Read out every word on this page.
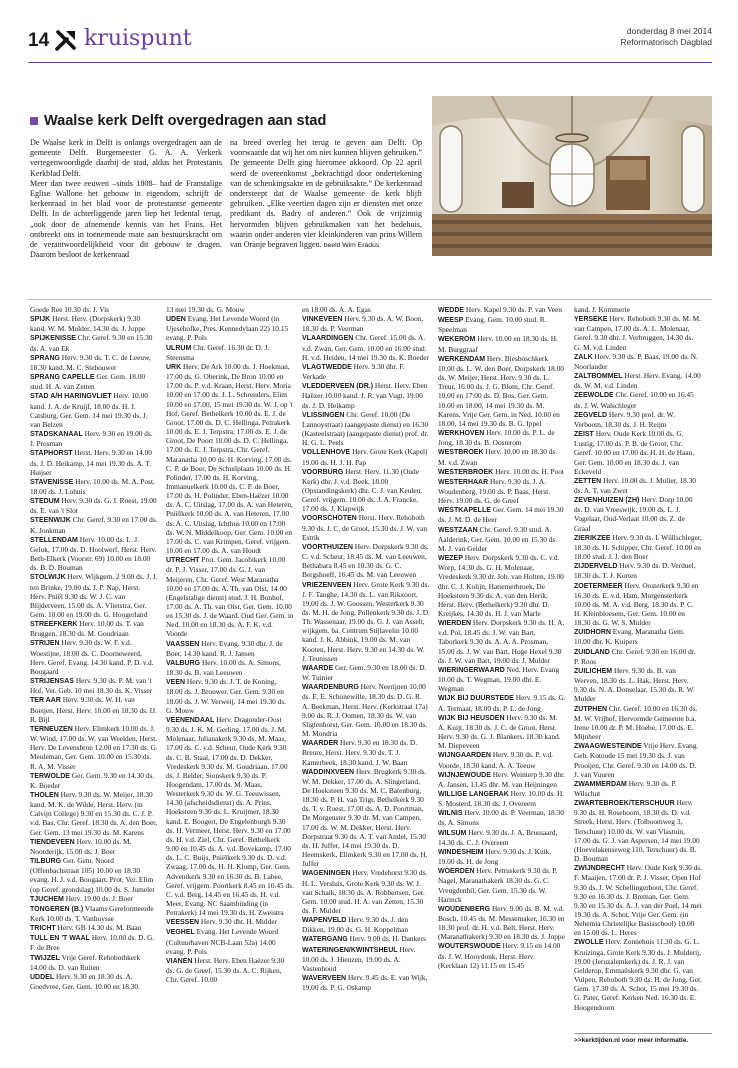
14 kruispunt	donderdag 8 mei 2014
Reformatorisch Dagblad
Waalse kerk Delft overgedragen aan stad
De Waalse kerk in Delft is onlangs overgedragen aan de gemeente Delft. Burgemeester G. A. A. Verkerk vertegenwoordigde daarbij de stad, aldus het Protestants Kerkblad Delft.
Meer dan twee eeuwen –sinds 1808– had de Franstalige Eglise Wallone het gebouw in eigendom, schrijft de kerkenraad in het blad voor de protestantse gemeente Delft. In de achterliggende jaren liep het ledental terug, „ook door de afnemende kennis van het Frans. Het ontbreekt ons in toenemende mate aan bestuurskracht om de verantwoordelijkheid voor dit gebouw te dragen. Daarom besloot de kerkenraad
na breed overleg het terug te geven aan Delft. Op voorwaarde dat wij het om niet kunnen blijven gebruiken.” De gemeente Delft ging hieromee akkoord. Op 22 april werd de overeenkomst „bekrachtigd door ondertekening van de schenkingsakte en de gebruiksakte.” De kerkenraad ondersteept dat de Waalse gemeente de kerk blijft gebruiken. „Elke veertien dagen zijn er diensten met onze predikant ds. Badry of anderen.” Ook de vrijzinnig hervormden blijven gebruikmaken van het bedehuis, waarin onder anderen vier kleinkinderen van prins Willem van Oranje begraven liggen. beeld Wim Eradus
Goede Ree 10.30 ds. J. Vis
SPIJK Herst. Herv. (Dorpskerk) 9.30 kand. W. M. Mulder, 14.30 ds. J. Joppe
SPIJKENISSE Chr. Geref. 9.30 en 15.30 ds. A. van Ek
SPRANG Herv. 9.30 ds. T. C. de Leeuw, 18.30 kand. M. C. Stehouwer
SPRANG CAPELLE Ger. Gem. 18.00 stud. H. A. van Zetten
STAD A/H HARINGVLIET Herv. 10.00 kand. J. A. de Kruijf, 18.00 ds. H. J. Catsburg, Ger. Gem. 14 mei 19.30 ds. J. van Belzen
STADSKANAAL Herv. 9.30 en 19.00 ds. J. Prosman
STAPHORST Herst. Herv. 9.30 en 14.00 ds. J. D. Heikamp, 14 mei 19.30 ds. A. T. Huijser
STAVENISSE Herv. 10.00 ds. M. A. Post, 18.00 ds. J. Lohuis
STEDUM Herv. 9.30 ds. G. J. Roest, 19.00 ds. E. van 't Slot
STEENWIJK Chr. Geref. 9.30 en 17.00 ds. K. Jonkman
STELLENDAM Herv. 10.00 ds. L. J. Geluk, 17.00 ds. D. Hoolwerf, Herst. Herv. Beth-Elkerk (Voorstr. 69) 10.00 en 18.00 ds. B. D. Bouman
STOLWIJK Herv. Wijkgem. 2 9.00 ds. J. J. ten Brinke, 19.00 ds. J. P. Nap, Herst. Herv. Pniël 9.30 ds. W. J. C. van Blijderveen, 15.00 ds. A. Vlietstra, Ger. Gem. 10.00 en 19.00 ds. G. Hoogerland
STREEFKERK Herv. 10.00 ds. T. van Bruggen, 18.30 ds. M. Goudriaan
STRIJEN Herv. 9.30 ds. W. F. v.d. Woestijne, 18.00 ds. C. Doorneweerd, Herv. Geref. Evang. 14.30 kand. P. D. v.d. Boogaard
STRIJENSAS Herv. 9.30 ds. P. M. van 't Hof, Ver. Geb. 10 mei 18.30 ds. K. Visser
TER AAR Herv. 9.30 ds. W. H. van Boeijen, Herst. Herv. 10.00 en 18.30 ds. IJ. R. Bijl
TERNEUZEN Herv. Elimkerk 10.00 ds. J. W. Wind, 17.00 ds. W. van Weelden, Herst. Herv. De Levensbron 12.00 en 17.30 ds. G. Meuleman, Ger. Gem. 10.00 en 15.30 ds. R. A. M. Visser
TERWOLDE Ger. Gem. 9.30 en 14.30 ds. K. Boeder
THOLEN Herv. 9.30 ds. W. Meijer, 18.30 kand. M. K. de Wilde, Herst. Herv. (in Calvijn College) 9.30 en 15.30 ds. C. J. P. v.d. Bas, Chr. Geref. 18.30 ds. A. den Boer, Ger. Gem. 13 mei 19.30 ds. M. Karens
TIENDEVEEN Herv. 10.00 ds. M. Noorderijk, 15.00 ds. J. Boer
TILBURG Ger. Gem. Noord (Offenbachstraat 105) 10.00 en 18.30 evang. H. J. v.d. Boogaart, Prot. Ver. Elim (op Geref. grondslag) 10.00 ds. S. Jumelet
TJUCHEM Herv. 19.00 ds. J. Boer
TONGEREN (B.) Vlaams Gereformeerde Kerk 10.00 ds. T. Vanhuysse
TRICHT Herv. GB 14.30 ds. M. Baan
TULL EN 'T WAAL Herv. 10.00 ds. D. G. F. de Bree
TWIJZEL Vrije Geref. Rehobothkerk 14.00 ds. D. van Ruiten
UDDEL Herv. 9.30 en 18.30 ds. A. Goedvree, Ger. Gem. 10.00 en 18.30.
13 mei 19.30 ds. G. Mouw
UDEN Evang. Het Levende Woord (in Ujesehofke, Pres. Kennedylaan 22) 10.15 evang. P. Pols
ULRUM Chr. Geref. 16.30 dr. D. J. Steensma
URK Herv. De Ark 10.00 ds. J. Hoekman, 17.00 ds. G. Oberink, De Bron 10.00 en 17.00 ds. P. v.d. Kraan, Herst. Herv. Moria 10.00 en 17.00 ds. J. L. Schreuders, Elim 10.00 en 17.00, 15 mei 19.30 ds. W. J. op 't Hof, Geref. Bethelkerk 10.00 ds. E. J. de Groot, 17.00 ds. D. C. Hellinga, Petrakerk 10.00 ds. E. J. Terpstra, 17.00 ds. E. J. de Groot, De Poort 10.00 ds. D. C. Hellinga, 17.00 ds. E. J. Terpstra, Chr. Geref. Maranatha 10.00 ds. H. Korving, 17.00 ds. C. P. de Boer, De Schuilplaats 10.00 ds. H. Polinder, 17.00 ds. H. Korving, Immanuelkerk 10.00 ds. C. P. de Boer, 17.00 ds. H. Polinder, Eben-Haëzer 10.00 ds. A. C. Uitslag, 17.00 ds. A. van Heteren, Pniëlkerk 10.00 ds. A. van Heteren, 17.00 ds. A. C. Uitslag, Ichthus 10.00 en 17.00 ds. W. N. Middelkoop, Ger. Gem. 10.00 en 17.00 ds. C. van Krimpen, Geref. vrijgem. 10.00 en 17.00 ds. A. van Houdt
UTRECHT Prot. Gem. Jacobikerk 10.00 dr. P. J. Visser, 17.00 ds. G. J. van Meijeren, Chr. Geref. West Maranatha 10.00 en 17.00 ds. A. Th. van Olst, 14.00 (Engelstalige dienst) stud. J. H. Bonhof, 17.00 ds. A. Th. van Olst, Ger. Gem. 10.00 en 15.30 ds. J. de Waard, Oud Ger. Gem. in Ned. 10.00 en 18.30 ds. A. F. K. v.d. Voorde
VAASSEN Herv. Evang. 9.30 dhr. J. de Boer, 14.30 kand. R. J. Jansen
VALBURG Herv. 10.00 ds. A. Simons, 18.30 ds. B. van Leeuwen
VEEN Herv. 9.30 ds. J. T. de Koning, 18.00 ds. J. Brouwer. Ger. Gem. 9.30 en 18.00 ds. J. W. Verweij, 14 mei 19.30 ds. G. Mouw
VEENENDAAL Herv. Dragonder-Oost 9.30 ds. J. K. M. Gerling, 17.00 ds. J. M. Molenaar, Julianakerk 9.30 ds. M. Maas, 17.00 ds. C. v.d. Scheur, Oude Kerk 9.30 ds. C. B. Staal, 17.00 ds. D. Dekker, Vredeskerk 9.30 ds. M. Goudriaan, 17.00 ds. J. Belder, Sionskerk 9.30 ds. P. Hoogendam, 17.00 ds. M. Maas, Westerkerk 9.30 ds. W. G. Teeuwissen, 14.30 (afscheidsdienst) ds. A. Prins, Hoeksteen 9.30 ds. L. Kruijmer, 18.30 kand. E. Boogert, De Engelenburgh 9.30 ds. H. Vermeer, Herst. Herv. 9.30 en 17.00 ds. H. v.d. Ziel, Chr. Geref. Bethelkerk 9.00 en 10.45 ds. A. v.d. Bovekamp, 17.00 ds. L. C. Buijs, Pniëlkerk 9.30 ds. D. v.d. Zwaag, 17.00 ds. H. H. Klomp, Ger. Gem. Adventkerk 9.30 en 16.30 ds. B. Labee, Geref. vrijgem. Poortkerk 8.45 en 10.45 ds. C. v.d. Berg, 14.45 en 16.45 ds. H. v.d. Meer, Evang. NC Saambinding (in Petrakerk) 14 mei 19.30 ds. H. Zweistra
VEESSEN Herv. 9.30 dhr. H. Mulder
VEGHEL Evang. Het Levende Woord (Cultuurhaven NCB-Laan 52a) 14.00 evang. P. Pols
VIANEN Herst. Herv. Eben Haëzer 9.30 ds. G. de Greef, 15.30 ds. A. C. Rijken, Chr. Geref. 10.00
en 18.00 ds. A. A. Egas
VINKEVEEN Herv. 9.30 ds. A. W. Boon, 18.30 ds. P. Veerman
VLAARDINGEN Chr. Geref. 15.00 ds. A. v.d. Zwan, Ger. Gem. 10.00 en 16.00 stud. H. v.d. Heiden, 14 mei 19.30 ds. K. Boeder
VLAGTWEDDE Herv. 9.30 dhr. F. Verkade
VLEDDERVEEN (DR.) Herst. Herv. Eben Haëzer 10.00 kand. J. R. van Vugt, 19.00 ds. J. D. Heikamp
VLISSINGEN Chr. Geref. 10.00 (De Lannoystraat) (aangepaste dienst) en 16.30 (Kasteelstraat) (aangepaste dienst) prof. dr. H. G. L. Peels
VOLLENHOVE Herv. Grote Kerk (Kapel) 19.00 ds. H. J. H. Pap
VOORBURG Herst. Herv. 11.30 (Oude Kerk) dhr. J. v.d. Beek, 18.00 (Opstandingskerk) dhr. C. J. van Keulen, Geref. vrijgem. 10.00 ds. J. A. Francke, 17.00 ds. J. Klapwijk
VOORSCHOTEN Herst. Herv. Rehoboth 9.30 ds. J. C. de Groot, 15.30 ds. J. W. van Estrik
VOORTHUIZEN Herv. Dorpskerk 9.30 ds. C. v.d. Scheur, 18.45 ds. M. van Leeuwen, Bethabara 8.45 en 10.30 ds. G. C. Bergshoeff, 16.45 ds. M. van Leeuwen
VRIEZENVEEN Herv. Grote Kerk 9.30 ds. J. F. Tanghe, 14.30 ds. L. van Rikxoort, 19.00 ds. J. W. Goossen, Westerkerk 9.30 ds. M. H. de Jong, Pollenkerk 9.30 ds. J. D. Th. Wassenaar, 19.00 ds. G. J. van Asselt, wijkgem. ba. Centrum Stijlavelin 10.00 kand. J. K. Abbink, 19.00 ds. M. van Kooten, Herst. Herv. 9.30 en 14.30 ds. W. J. Teunissen
WAARDE Ger. Gem. 9.30 en 18.00 ds. D. W. Tuinier
WAARDENBURG Herv. Neerijnen 10.00 ds. E. E. Schonewille, 18.30 ds. D. G. R. A. Beekman, Herst. Herv. (Kerkstraat 17a) 9.00 ds. R. J. Oomen, 18.30 ds. W. van Sligtenhorst, Ger. Gem. 10.00 en 18.30 ds. M. Mondria
WAARDER Herv. 9.30 en 18.30 ds. D. Breure, Herst. Herv. 9.30 ds. T. J. Kamerbeek, 18.30 kand. J. W. Baan
WADDINXVEEN Herv. Brugkerk 9.30 ds. W. M. Dekker, 17.00 ds. A. Slingerland, De Hoeksteen 9.30 ds. M. C. Batenburg, 18.30 ds. P. H. van Trigt, Bethelkerk 9.30 ds. T. v. Roest, 17.00 ds. A. D. Poortman, De Morgenster 9.30 dr. M. van Campen, 17.00 ds. W. M. Dekker, Herst. Herv. Dorpstraat 9.30 ds. A. T. van Andel, 15.30 ds. H. Juffer, 14 mei 19.30 ds. D. Heemskerk, Elimkerk 9.30 en 17.00 ds. H. Juffer
WAGENINGEN Herv. Vredehorst 9.30 ds. H. L. Versluis, Grote Kerk 9.30 ds. W. J. van Schaik, 18.30 ds. A. Robbertsen, Ger. Gem. 10.00 stud. H. A. van Zetten, 15.30 ds. F. Mulder
WAPENVELD Herv. 9.30 ds. J. den Dikken, 19.00 ds. G. H. Koppelman
WATERGANG Herv. 9.00 ds. H. Dankers
WATERINGEN/KWINTSHEUL Herv. 10.00 ds. J. Hienzen, 19.00 ds. A. Vastenhoud
WAVERVEEN Herv. 9.45 ds. E. van Wijk, 19.00 ds. P. G. Oskamp
WEDDE Herv. Kapel 9.30 ds. P. van Veen
WEESP Evang. Gem. 10.00 stud. R. Speelman
WEKEROM Herv. 10.00 en 18.30 ds. H. M. Burggraaf
WERKENDAM Herv. Biesboschkerk 10.00 ds. L. W. den Boer, Dorpskerk 18.00 ds. W. Meijer, Herst. Herv. 9.30 ds. L. Treur, 16.00 ds. J. G. Blom, Chr. Geref. 10.00 en 17.00 ds. D. Bos, Ger. Gem. 10.00 en 18.00, 14 mei 19.30 ds. M. Karens, Vrije Ger. Gem. in Ned. 10.00 en 18.00, 14 mei 19.30 ds. B. G. Ippel
WERKHOVEN Herv. 10.00 ds. P. L. de Jong, 18.30 ds. B. Oosterom
WESTBROEK Herv. 10.00 en 18.30 ds. M. v.d. Zwan
WESTERBROEK Herv. 10.00 ds. H. Poot
WESTERHAAR Herv. 9.30 ds. J. A. Woudenberg, 19.00 ds. P. Baas, Herst. Herv. 19.00 ds. G. de Greef
WESTKAPELLE Ger. Gem. 14 mei 19.30 ds. J. M. D. de Heer
WESTZAAN Chr. Geref. 9.30 stud. A. Aalderink, Ger. Gem. 10.00 en 15.30 ds. M. J. van Gelder
WEZEP Herv. Dorpskerk 9.30 ds. C. v.d. Worp, 14.30 ds. G. H. Molenaar, Vredeskerk 9.30 dr. Joh. van Holten, 19.00 dhr. C. J. Kolijn, Hattemerbroek, De Hoeksteen 9.30 ds. A. van den Herik, Herst. Herv. (Bethelkerk) 9.30 dhr. D. Kreijkes, 14.30 ds. H. J. van Marle
WIERDEN Herv. Dorpskerk 9.30 ds. H. A. v.d. Pol, 18.45 ds. J. W. van Bart, Taborkerk 9.30 ds. A. A. A. Prosman, 15.00 ds. J. W. van Bart, Hoge Hexel 9.30 ds. J. W. van Bart, 19.00 ds. J. Mulder
WIERINGERWAARD Ned. Herv. Evang 10.00 ds. T. Wegman, 19.00 dhr. E. Wegman
WIJK BIJ DUURSTEDE Herv. 9.15 ds. G. A. Termaat, 18.00 ds. P. L. de Jong
WIJK BIJ HEUSDEN Herv. 9.30 ds. M. A. Kuijt, 18.30 ds. J. C. de Groot, Herst. Herv. 9.30 ds. G. J. Blankers, 18.30 kand. M. Diepeveen
WIJNGAARDEN Herv. 9.30 ds. P. v.d. Voorde, 18.30 kand. A. A. Teeuw
WIJNJEWOUDE Herv. Weinterp 9.30 dhr. A. Jansen, 13.45 dhr. M. van Heijningen
WILLIGE LANGERAK Herv. 10.00 ds. H. S. Mosterd, 18.30 ds. J. Overeem
WILNIS Herv. 10.00 ds. P. Veerman, 18.30 ds. A. Simons
WILSUM Herv. 9.30 ds. J. A. Brussaard, 14.30 ds. C. J. Overeem
WINDESHEIM Herv. 9.30 ds. J. Kuik, 19.00 ds. H. de Jong
WOERDEN Herv. Petruskerk 9.30 ds. P. Nagel, Maranathakerk 18.30 ds. G. C. Vreugdenhil, Ger. Gem. 15.30 ds. W. Harinck
WOUDENBERG Herv. 9.00 ds. B. M. v.d. Bosch, 10.45 ds. M. Messemaker, 16.30 en 18.30 prof. dr. H. v.d. Belt, Herst. Herv. (Maranathakerk) 9.30 en 18.30 ds. J. Joppe
WOUTERSWOUDE Herv. 9.15 en 14.00 ds. J. W. Hooydonk, Herst. Herv. (Kerklaan 12) 11.15 en 15.45
kand. J. Kommerie
YERSEKE Herv. Rehoboth 9.30 ds. M. M. van Campen, 17.00 ds. A. L. Molenaar, Geref. 9.30 dhr. J. Verbruggen, 14.30 ds. G. M. v.d. Linden
ZALK Herv. 9.30 ds. P. Baas, 19.00 ds. N. Noorlander
ZALTBOMMEL Herst. Herv. Evang. 14.00 ds. W. M. v.d. Linden
ZEEWOLDE Chr. Geref. 10.00 en 16.45 ds. J. W. Walschleger
ZEGVELD Herv. 9.30 prof. dr. W. Verboom, 18.30 ds. J. H. Reijm
ZEIST Herv. Oude Kerk 10.00 ds. G. Lustig, 17.00 ds. P. B. de Groot, Chr. Geref. 10.00 en 17.00 ds. H. H. de Haan, Ger. Gem. 10.00 en 18.30 ds. J. van Eckeveld
ZETTEN Herv. 10.00 ds. J. Muller, 18.30 ds. A. T. van Zwet
ZEVENHUIZEN (ZH) Herv. Dorp 10.00 ds. D. van Vreeswijk, 19.00 ds. L. J. Vogelaar, Oud-Verlaat 10.00 ds. Z. de Graaf
ZIERIKZEE Herv. 9.30 ds. I. Wüllschleger, 18.30 ds. H. Schipper, Chr. Geref. 10.00 en 18.00 stud. J. J. den Boer
ZIJDERVELD Herv. 9.30 ds. D. Verduel, 18.30 ds. T. J. Korten
ZOETERMEER Herv. Oosterkerk 9.30 en 16.30 ds. E. v.d. Ham, Morgensterkerk 10.00 ds. M. A. v.d. Berg, 18.30 ds. P. C. H. Kleinbloesem, Ger. Gem. 10.00 en 18.30 ds. G. W. S. Mulder
ZUIDHORN Evang. Maranatha Gem. 10.00 dhr. K. Kuipers
ZUIDLAND Chr. Geref. 9.30 en 16.00 dr. P. Roos
ZUILICHEM Herv. 9.30 ds. B. van Werven, 18.30 ds. L. Hak. Herst. Herv. 9.30 ds. N. A. Donselaar, 15.30 ds. R. W. Mulder
ZUTPHEN Chr. Geref. 10.00 en 16.30 ds. M. W. Vrijhof, Hervormde Gemeente b.a. Irene 10.00 dr. P. M. Hoebe, 17.00 ds. E. Mijnheer
ZWAAGWESTEINDE Vrije Herv. Evang. Geb. Kotoude 15 mei 19.30 ds. J. van Prooijen, Chr. Geref. 9.30 en 14.00 ds. D. J. van Vuuren
ZWAMMERDAM Herv. 9.30 ds. P. Wilschut
ZWARTEBROEK/TERSCHUUR Herv. 9.30 ds. H. Roseboom, 18.30 ds. D. v.d. Streek, Herst. Herv. (Tolboomweg 3, Terschuur) 10.00 ds. W. van Vlastuin, 17.00 ds. G. J. van Aspersen, 14 mei 19.00 (Hoevelakenseweg 110, Terschuur) ds. B. D. Bouman
ZWIJNDRECHT Herv. Oude Kerk 9.30 ds. F. Maaijen, 17.00 dr. P. J. Visser, Open Hof 9.30 ds. J. W. Schellingerhout, Chr. Geref. 9.30 en 16.30 ds. J. Breman, Ger. Gem. 9.30 en 15.30 ds. A. J. van der Poel, 14 mei 19.30 ds. A. Schot, Vrije Ger. Gem. (in Nehemia Christelijke Basisschool) 10.00 en 15.00 ds. L. Heres
ZWOLLE Herv. Zonnehuis 11.30 ds. G. L. Kruizinga, Grote Kerk 9.30 ds. J. Mulderij, 19.00 (Jeruzalemkerk) ds. J. R. J. van Gelderop, Emmaüskerk 9.30 dhr. G. van Vulpen, Rehoboth 9.30 ds. H. de Jong, Ger. Gem. 17.30 ds. A. Schot, 15 mei 19.30 ds. G. Pater, Geref. Kerken Ned. 16.30 ds. E. Hoogendoorn
>>kerktijden.nl voor meer informatie.
